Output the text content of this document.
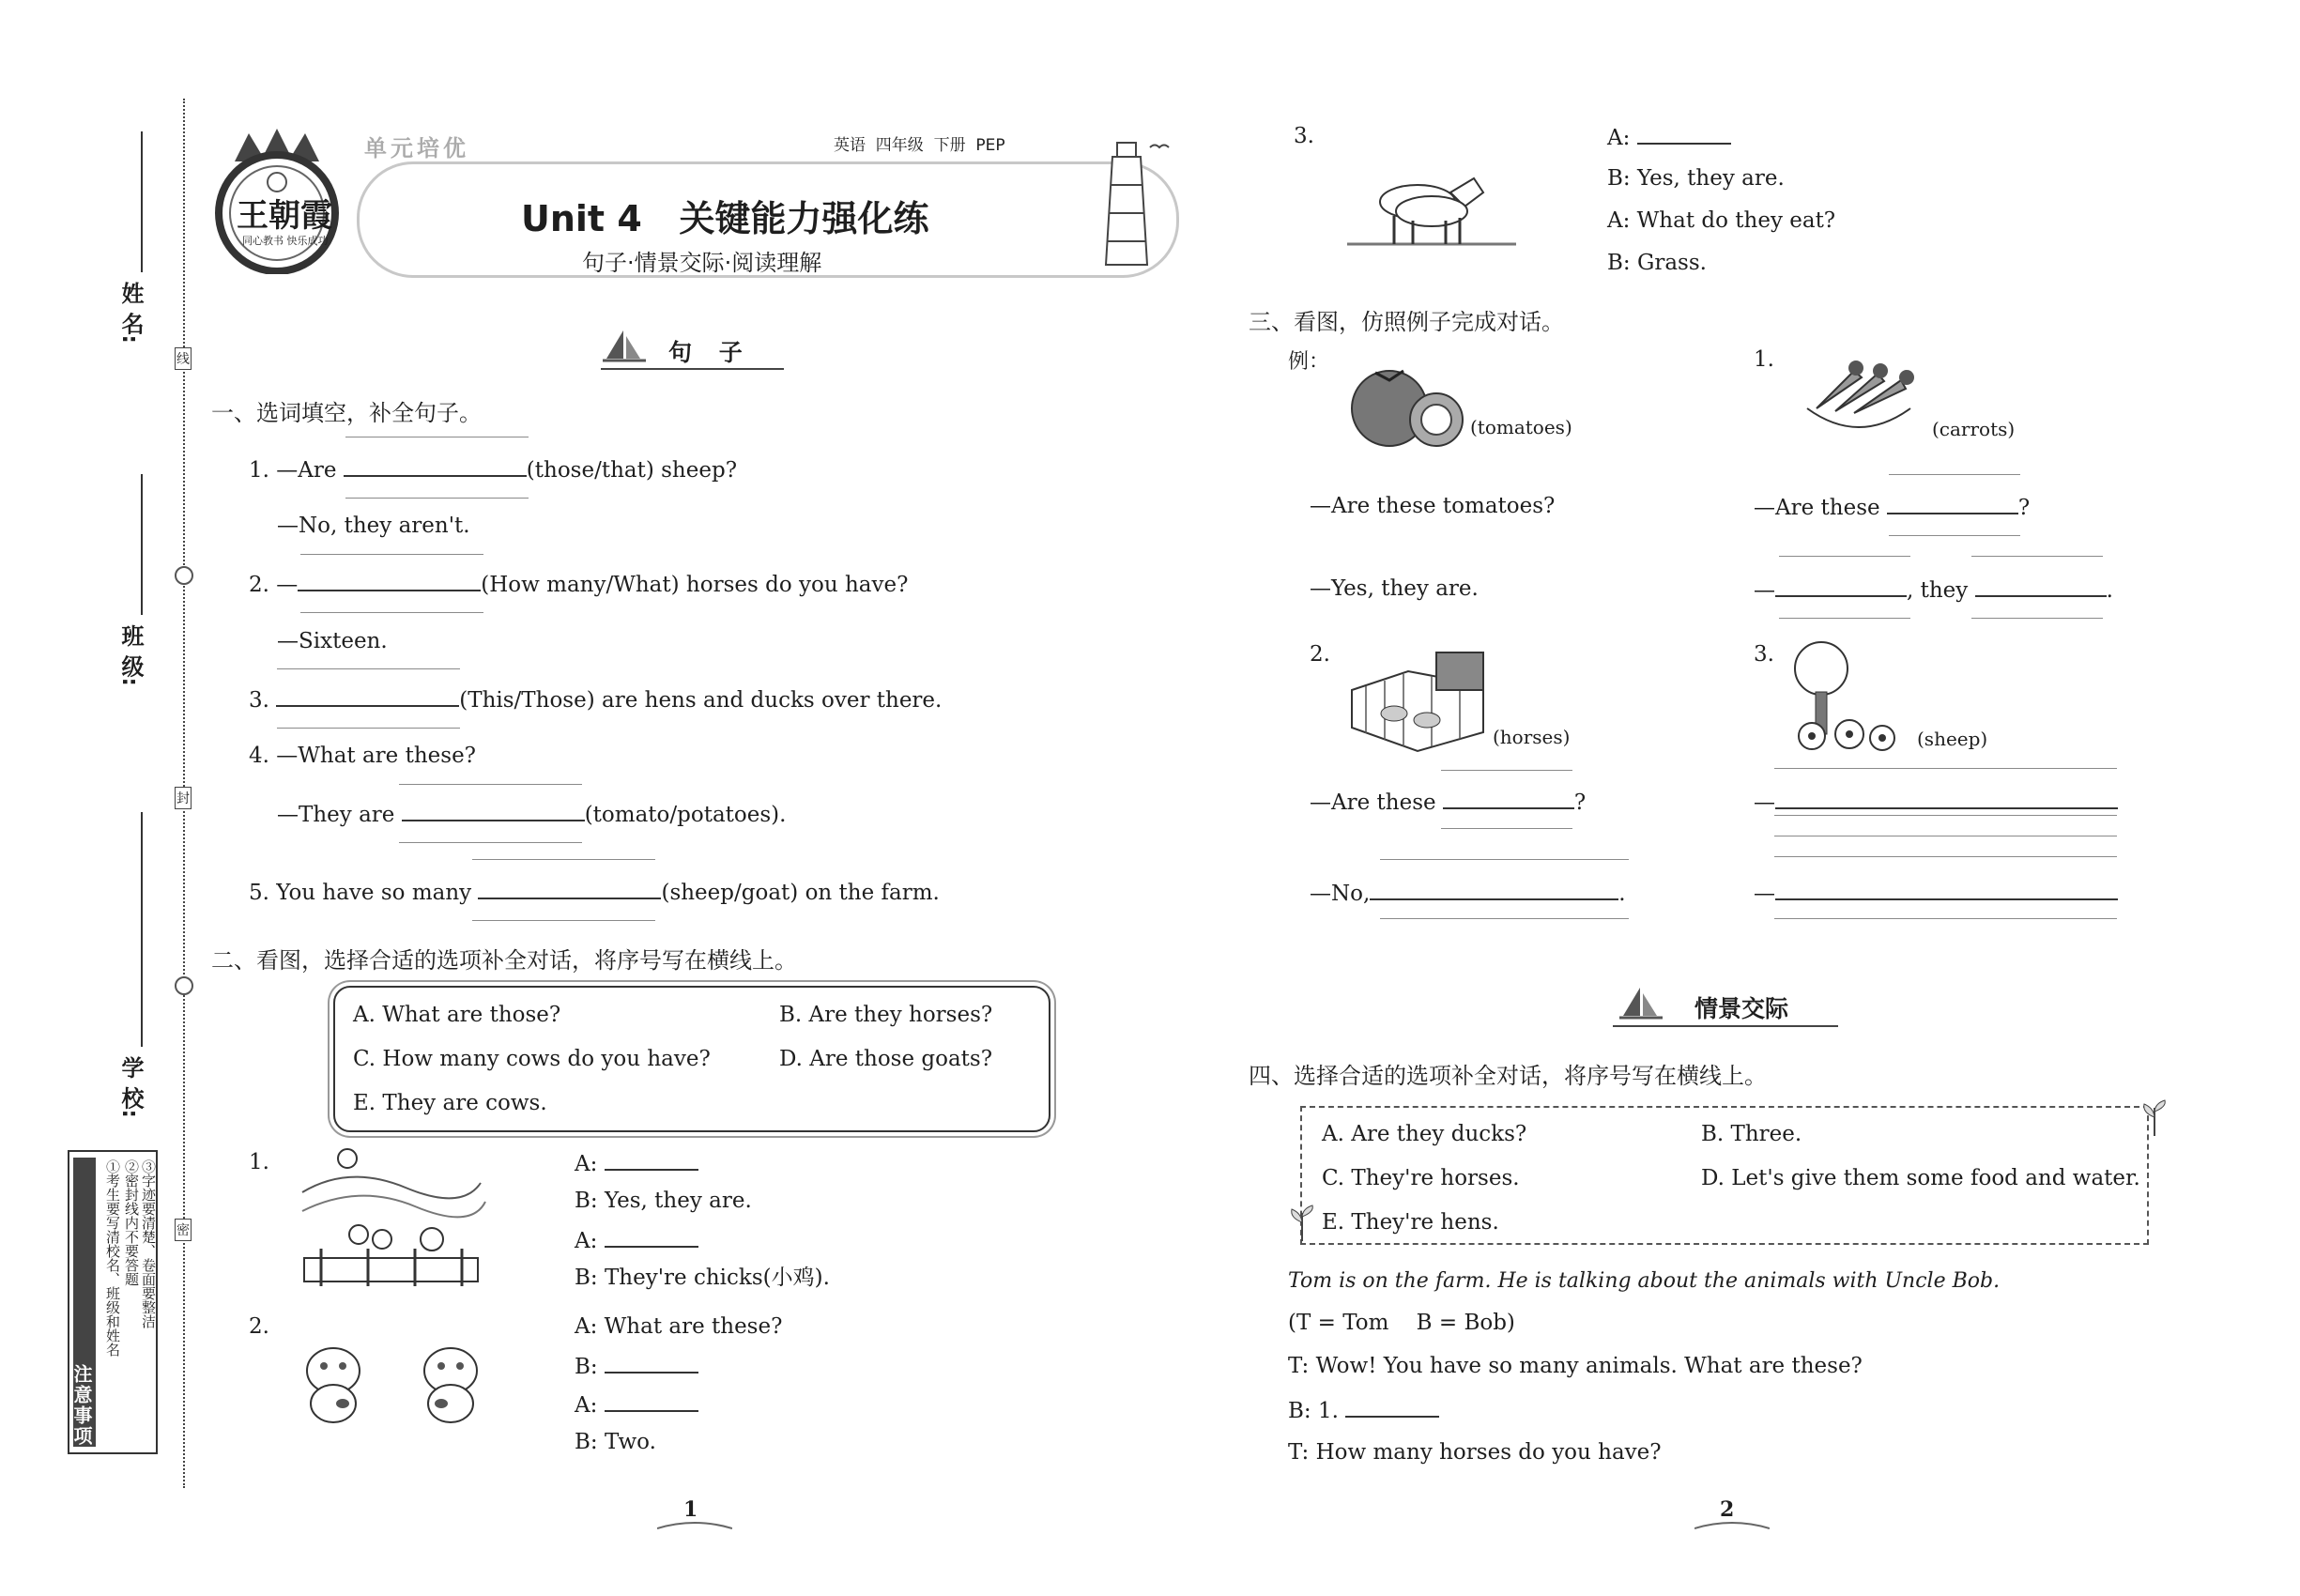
姓 名:
班 级:
学 校:
注意事项
①考生要写清校名、班级和姓名 ②密封线内不要答题 ③字迹要清楚、卷面要整洁
线
封
密
王朝霞
同心教书 快乐成功
单元培优	英语  四年级  下册  PEP
Unit 4   关键能力强化练
句子·情景交际·阅读理解
句 子
一、选词填空，补全句子。
1. —Are	(those/that) sheep?
—No, they aren't.
2. —	(How many/What) horses do you have?
—Sixteen.
3.	(This/Those) are hens and ducks over there.
4. —What are these?
—They are	(tomato/potatoes).
5. You have so many	(sheep/goat) on the farm.
二、看图，选择合适的选项补全对话，将序号写在横线上。
A. What are those?	B. Are they horses?
C. How many cows do you have?	D. Are those goats?
E. They are cows.
1.	A:
B: Yes, they are.
A:
B: They're chicks(小鸡).
2.	A: What are these?
B:
A:
B: Two.
1
3.	A:
B: Yes, they are.
A: What do they eat?
B: Grass.
三、看图，仿照例子完成对话。
例：
(tomatoes)
—Are these tomatoes?
—Yes, they are.
1.
(carrots)
—Are these	?
—	, they	.
2.
(horses)
—Are these	?
—No,	.
3.
(sheep)
—
—
情景交际
四、选择合适的选项补全对话，将序号写在横线上。
A. Are they ducks?	B. Three.
C. They're horses.	D. Let's give them some food and water.
E. They're hens.
Tom is on the farm. He is talking about the animals with Uncle Bob.
(T = Tom    B = Bob)
T: Wow! You have so many animals. What are these?
B: 1.
T: How many horses do you have?
2
